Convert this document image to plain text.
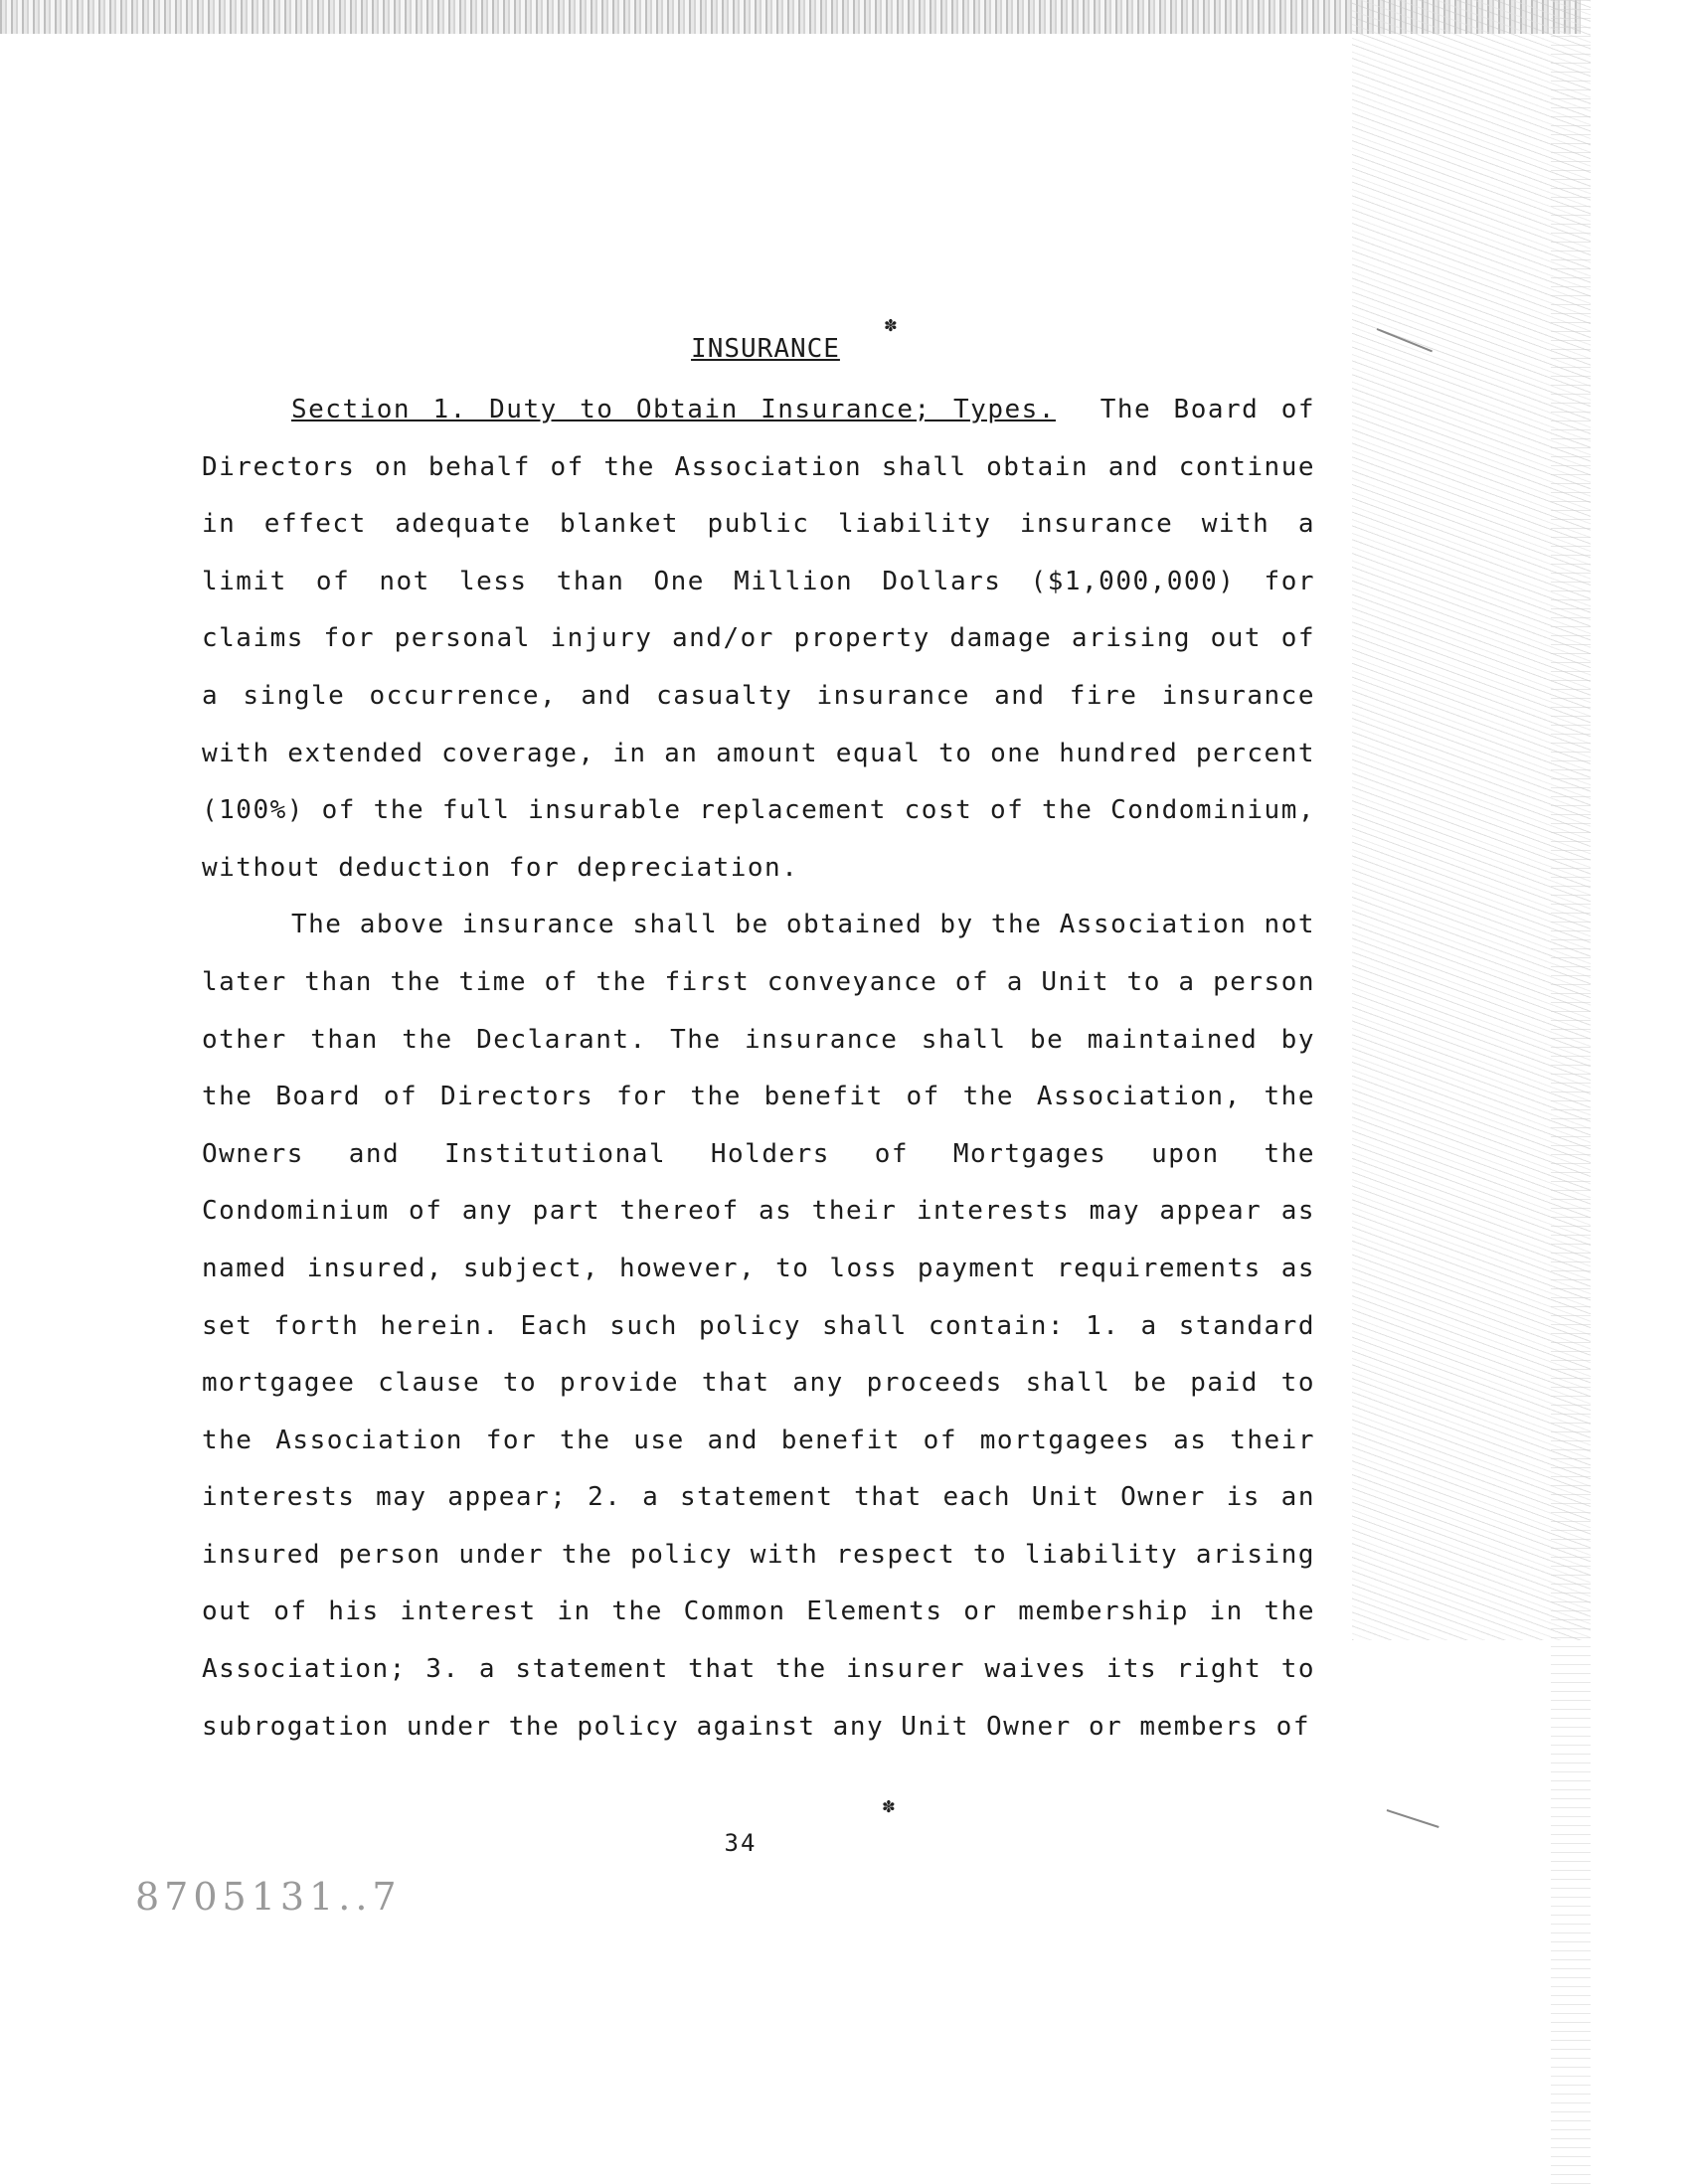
✽
✽
INSURANCE

Section 1. Duty to Obtain Insurance; Types. The Board of Directors on behalf of the Association shall obtain and continue in effect adequate blanket public liability insurance with a limit of not less than One Million Dollars ($1,000,000) for claims for personal injury and/or property damage arising out of a single occurrence, and casualty insurance and fire insurance with extended coverage, in an amount equal to one hundred percent (100%) of the full insurable replacement cost of the Condominium, without deduction for depreciation.

The above insurance shall be obtained by the Association not later than the time of the first conveyance of a Unit to a person other than the Declarant. The insurance shall be maintained by the Board of Directors for the benefit of the Association, the Owners and Institutional Holders of Mortgages upon the Condominium of any part thereof as their interests may appear as named insured, subject, however, to loss payment requirements as set forth herein. Each such policy shall contain: 1. a standard mortgagee clause to provide that any proceeds shall be paid to the Association for the use and benefit of mortgagees as their interests may appear; 2. a statement that each Unit Owner is an insured person under the policy with respect to liability arising out of his interest in the Common Elements or membership in the Association; 3. a statement that the insurer waives its right to subrogation under the policy against any Unit Owner or members of

34
8705131..7
